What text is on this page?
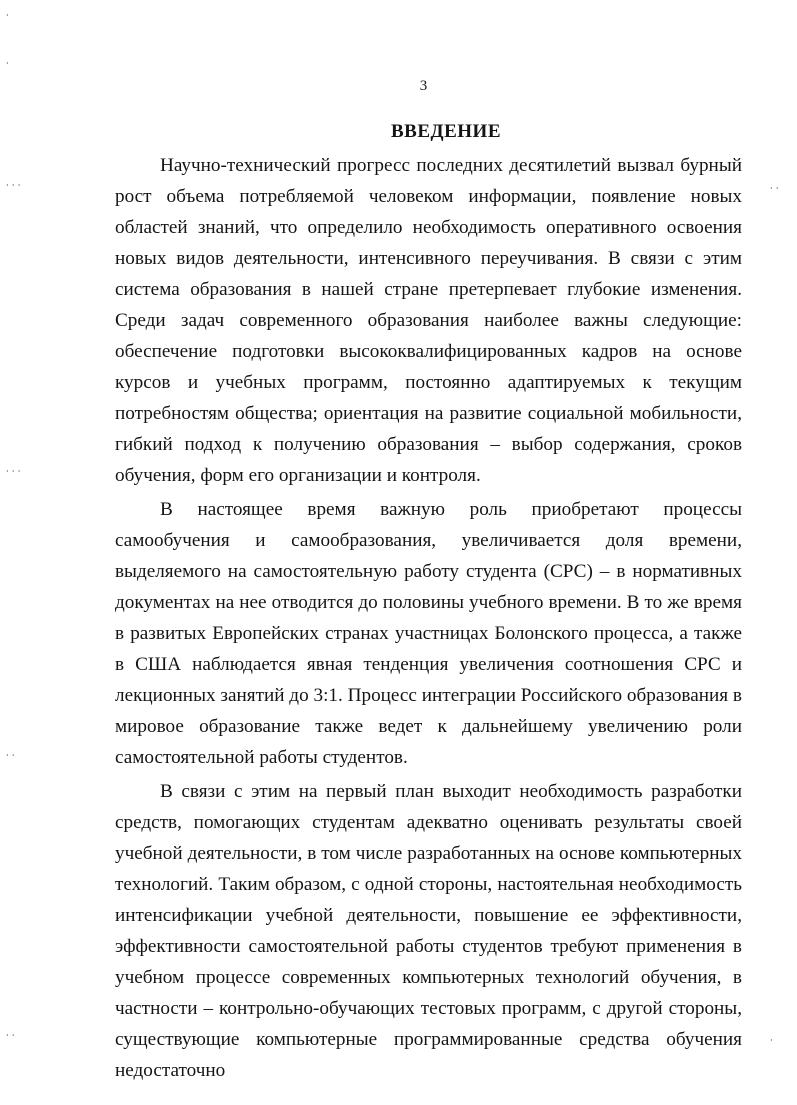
3
ВВЕДЕНИЕ

Научно-технический прогресс последних десятилетий вызвал бурный рост объема потребляемой человеком информации, появление новых областей знаний, что определило необходимость оперативного освоения новых видов деятельности, интенсивного переучивания. В связи с этим система образования в нашей стране претерпевает глубокие изменения. Среди задач современного образования наиболее важны следующие: обеспечение подготовки высококвалифицированных кадров на основе курсов и учебных программ, постоянно адаптируемых к текущим потребностям общества; ориентация на развитие социальной мобильности, гибкий подход к получению образования – выбор содержания, сроков обучения, форм его организации и контроля.

В настоящее время важную роль приобретают процессы самообучения и самообразования, увеличивается доля времени, выделяемого на самостоятельную работу студента (СРС) – в нормативных документах на нее отводится до половины учебного времени. В то же время в развитых Европейских странах участницах Болонского процесса, а также в США наблюдается явная тенденция увеличения соотношения СРС и лекционных занятий до 3:1. Процесс интеграции Российского образования в мировое образование также ведет к дальнейшему увеличению роли самостоятельной работы студентов.

В связи с этим на первый план выходит необходимость разработки средств, помогающих студентам адекватно оценивать результаты своей учебной деятельности, в том числе разработанных на основе компьютерных технологий. Таким образом, с одной стороны, настоятельная необходимость интенсификации учебной деятельности, повышение ее эффективности, эффективности самостоятельной работы студентов требуют применения в учебном процессе современных компьютерных технологий обучения, в частности – контрольно-обучающих тестовых программ, с другой стороны, существующие компьютерные программированные средства обучения недостаточно

⸳
⸳
⸳ ⸳ ⸳
⸳ ⸳ ⸳
⸳ ⸳
⸳ ⸳
⸳ ⸳
⸳
